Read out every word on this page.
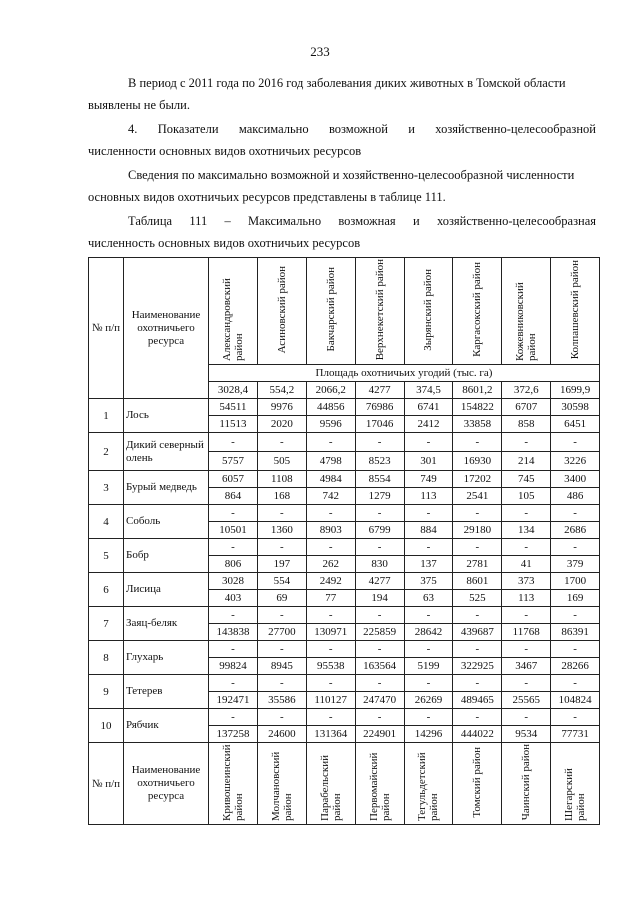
233
В период с 2011 года по 2016 год заболевания диких животных в Томской области
выявлены не были.
4. Показатели максимально возможной и хозяйственно-целесообразной
численности основных видов охотничьих ресурсов
Сведения по максимально возможной и хозяйственно-целесообразной численности
основных видов охотничьих ресурсов представлены в таблице 111.
Таблица 111 – Максимально возможная и хозяйственно-целесообразная
численность основных видов охотничьих ресурсов
№ п/п	Наименование охотничьего ресурса	Александровский район	Асиновский район	Бакчарский район	Верхнекетский район	Зырянский район	Каргасокский район	Кожевниковский район	Колпашевский район
		Площадь охотничьих угодий (тыс. га)							
		3028,4	554,2	2066,2	4277	374,5	8601,2	372,6	1699,9
1	Лось	54511	9976	44856	76986	6741	154822	6707	30598
		11513	2020	9596	17046	2412	33858	858	6451
2	Дикий северный олень	-	-	-	-	-	-	-	-
		5757	505	4798	8523	301	16930	214	3226
3	Бурый медведь	6057	1108	4984	8554	749	17202	745	3400
		864	168	742	1279	113	2541	105	486
4	Соболь	-	-	-	-	-	-	-	-
		10501	1360	8903	6799	884	29180	134	2686
5	Бобр	-	-	-	-	-	-	-	-
		806	197	262	830	137	2781	41	379
6	Лисица	3028	554	2492	4277	375	8601	373	1700
		403	69	77	194	63	525	113	169
7	Заяц-беляк	-	-	-	-	-	-	-	-
		143838	27700	130971	225859	28642	439687	11768	86391
8	Глухарь	-	-	-	-	-	-	-	-
		99824	8945	95538	163564	5199	322925	3467	28266
9	Тетерев	-	-	-	-	-	-	-	-
		192471	35586	110127	247470	26269	489465	25565	104824
10	Рябчик	-	-	-	-	-	-	-	-
		137258	24600	131364	224901	14296	444022	9534	77731
№ п/п	Наименование охотничьего ресурса	Кривошеинский район	Молчановский район	Парабельский район	Первомайский район	Тегульдетский район	Томский район	Чаинский район	Шегарский район
